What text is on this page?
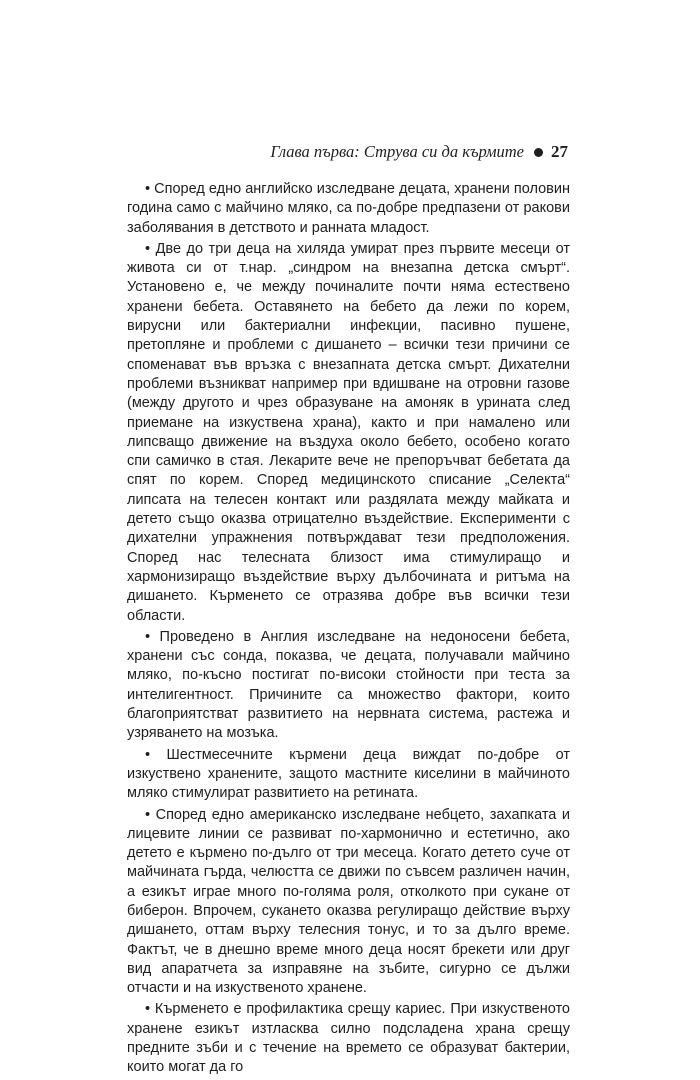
Глава първа: Струва си да кърмите 27

• Според едно английско изследване децата, хранени половин година само с майчино мляко, са по-добре предпазени от ракови заболявания в детството и ранната младост.

• Две до три деца на хиляда умират през първите месеци от живота си от т.нар. „синдром на внезапна детска смърт“. Установено е, че между починалите почти няма естествено хранени бебета. Оставянето на бебето да лежи по корем, вирусни или бактериални инфекции, пасивно пушене, претопляне и проблеми с дишането – всички тези причини се споменават във връзка с внезапната детска смърт. Дихателни проблеми възникват например при вдишване на отровни газове (между другото и чрез образуване на амоняк в урината след приемане на изкуствена храна), както и при намалено или липсващо движение на въздуха около бебето, особено когато спи самичко в стая. Лекарите вече не препоръчват бебетата да спят по корем. Според медицинското списание „Селекта“ липсата на телесен контакт или раздялата между майката и детето също оказва отрицателно въздействие. Експерименти с дихателни упражнения потвърждават тези предположения. Според нас телесната близост има стимулиращо и хармонизиращо въздействие върху дълбочината и ритъма на дишането. Кърменето се отразява добре във всички тези области.

• Проведено в Англия изследване на недоносени бебета, хранени със сонда, показва, че децата, получавали майчино мляко, по-късно постигат по-високи стойности при теста за интелигентност. Причините са множество фактори, които благоприятстват развитието на нервната система, растежа и узряването на мозъка.

• Шестмесечните кърмени деца виждат по-добре от изкуствено хранените, защото мастните киселини в майчиното мляко стимулират развитието на ретината.

• Според едно американско изследване небцето, захапката и лицевите линии се развиват по-хармонично и естетично, ако детето е кърмено по-дълго от три месеца. Когато детето суче от майчината гърда, челюстта се движи по съвсем различен начин, а езикът играе много по-голяма роля, отколкото при сукане от биберон. Впрочем, сукането оказва регулиращо действие върху дишането, оттам върху телесния тонус, и то за дълго време. Фактът, че в днешно време много деца носят брекети или друг вид апаратчета за изправяне на зъбите, сигурно се дължи отчасти и на изкуственото хранене.

• Кърменето е профилактика срещу кариес. При изкуственото хранене езикът изтласква силно подсладена храна срещу предните зъби и с течение на времето се образуват бактерии, които могат да го
